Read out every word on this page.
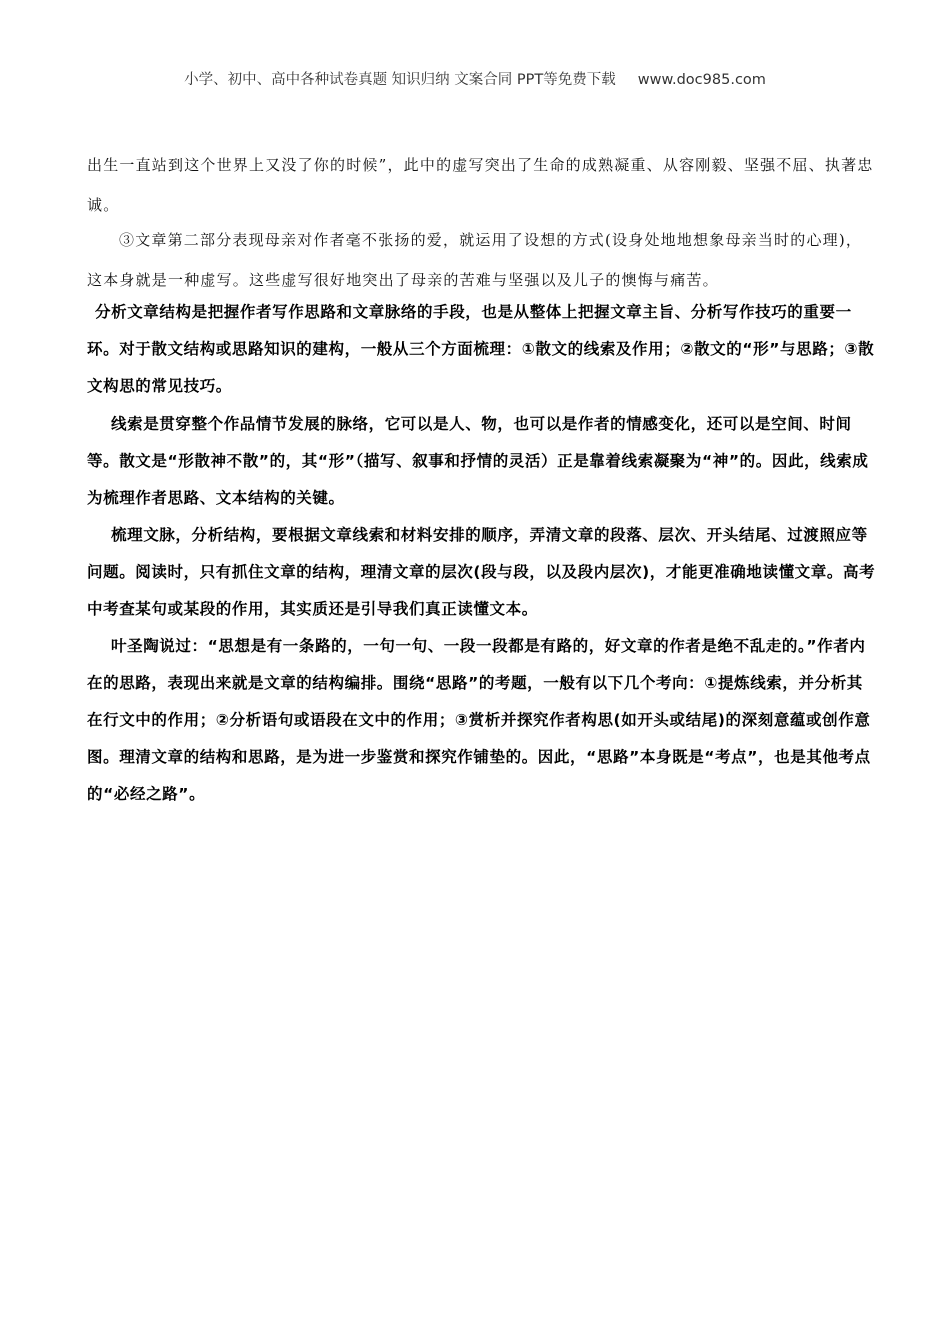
小学、初中、高中各种试卷真题 知识归纳 文案合同 PPT等免费下载 www.doc985.com

出生一直站到这个世界上又没了你的时候”，此中的虚写突出了生命的成熟凝重、从容刚毅、坚强不屈、执著忠诚。

③文章第二部分表现母亲对作者毫不张扬的爱，就运用了设想的方式(设身处地地想象母亲当时的心理)，这本身就是一种虚写。这些虚写很好地突出了母亲的苦难与坚强以及儿子的懊悔与痛苦。

分析文章结构是把握作者写作思路和文章脉络的手段，也是从整体上把握文章主旨、分析写作技巧的重要一环。对于散文结构或思路知识的建构，一般从三个方面梳理：①散文的线索及作用；②散文的“形”与思路；③散文构思的常见技巧。

线索是贯穿整个作品情节发展的脉络，它可以是人、物，也可以是作者的情感变化，还可以是空间、时间等。散文是“形散神不散”的，其“形”（描写、叙事和抒情的灵活）正是靠着线索凝聚为“神”的。因此，线索成为梳理作者思路、文本结构的关键。

梳理文脉，分析结构，要根据文章线索和材料安排的顺序，弄清文章的段落、层次、开头结尾、过渡照应等问题。阅读时，只有抓住文章的结构，理清文章的层次(段与段，以及段内层次)，才能更准确地读懂文章。高考中考查某句或某段的作用，其实质还是引导我们真正读懂文本。

叶圣陶说过：“思想是有一条路的，一句一句、一段一段都是有路的，好文章的作者是绝不乱走的。”作者内在的思路，表现出来就是文章的结构编排。围绕“思路”的考题，一般有以下几个考向：①提炼线索，并分析其在行文中的作用；②分析语句或语段在文中的作用；③赏析并探究作者构思(如开头或结尾)的深刻意蕴或创作意图。理清文章的结构和思路，是为进一步鉴赏和探究作铺垫的。因此，“思路”本身既是“考点”，也是其他考点的“必经之路”。
